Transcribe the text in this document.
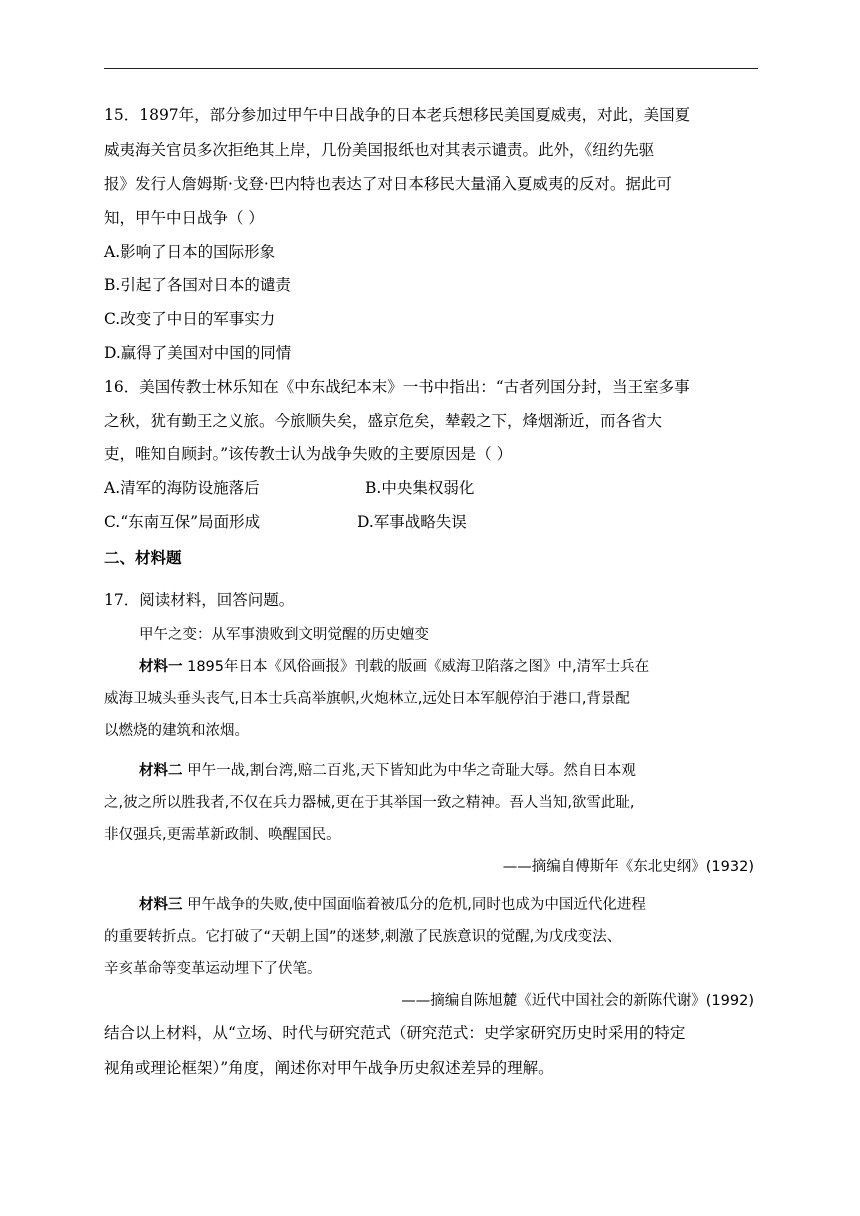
15．1897年，部分参加过甲午中日战争的日本老兵想移民美国夏威夷，对此，美国夏
威夷海关官员多次拒绝其上岸，几份美国报纸也对其表示谴责。此外，《纽约先驱
报》发行人詹姆斯·戈登·巴内特也表达了对日本移民大量涌入夏威夷的反对。据此可
知，甲午中日战争（ ）
A.影响了日本的国际形象
B.引起了各国对日本的谴责
C.改变了中日的军事实力
D.赢得了美国对中国的同情
16．美国传教士林乐知在《中东战纪本末》一书中指出：“古者列国分封，当王室多事
之秋，犹有勤王之义旅。今旅顺失矣，盛京危矣，辇毂之下，烽烟渐近，而各省大
吏，唯知自顾封。”该传教士认为战争失败的主要原因是（ ）
A.清军的海防设施落后	B.中央集权弱化
C.“东南互保”局面形成	D.军事战略失误
二、材料题
17．阅读材料，回答问题。
甲午之变：从军事溃败到文明觉醒的历史嬗变
材料一 1895年日本《风俗画报》刊载的版画《威海卫陷落之图》中,清军士兵在
威海卫城头垂头丧气,日本士兵高举旗帜,火炮林立,远处日本军舰停泊于港口,背景配
以燃烧的建筑和浓烟。
材料二 甲午一战,割台湾,赔二百兆,天下皆知此为中华之奇耻大辱。然自日本观
之,彼之所以胜我者,不仅在兵力器械,更在于其举国一致之精神。吾人当知,欲雪此耻,
非仅强兵,更需革新政制、唤醒国民。
——摘编自傅斯年《东北史纲》(1932)
材料三 甲午战争的失败,使中国面临着被瓜分的危机,同时也成为中国近代化进程
的重要转折点。它打破了“天朝上国”的迷梦,刺激了民族意识的觉醒,为戊戌变法、
辛亥革命等变革运动埋下了伏笔。
——摘编自陈旭麓《近代中国社会的新陈代谢》(1992)
结合以上材料，从“立场、时代与研究范式（研究范式：史学家研究历史时采用的特定
视角或理论框架）”角度，阐述你对甲午战争历史叙述差异的理解。
